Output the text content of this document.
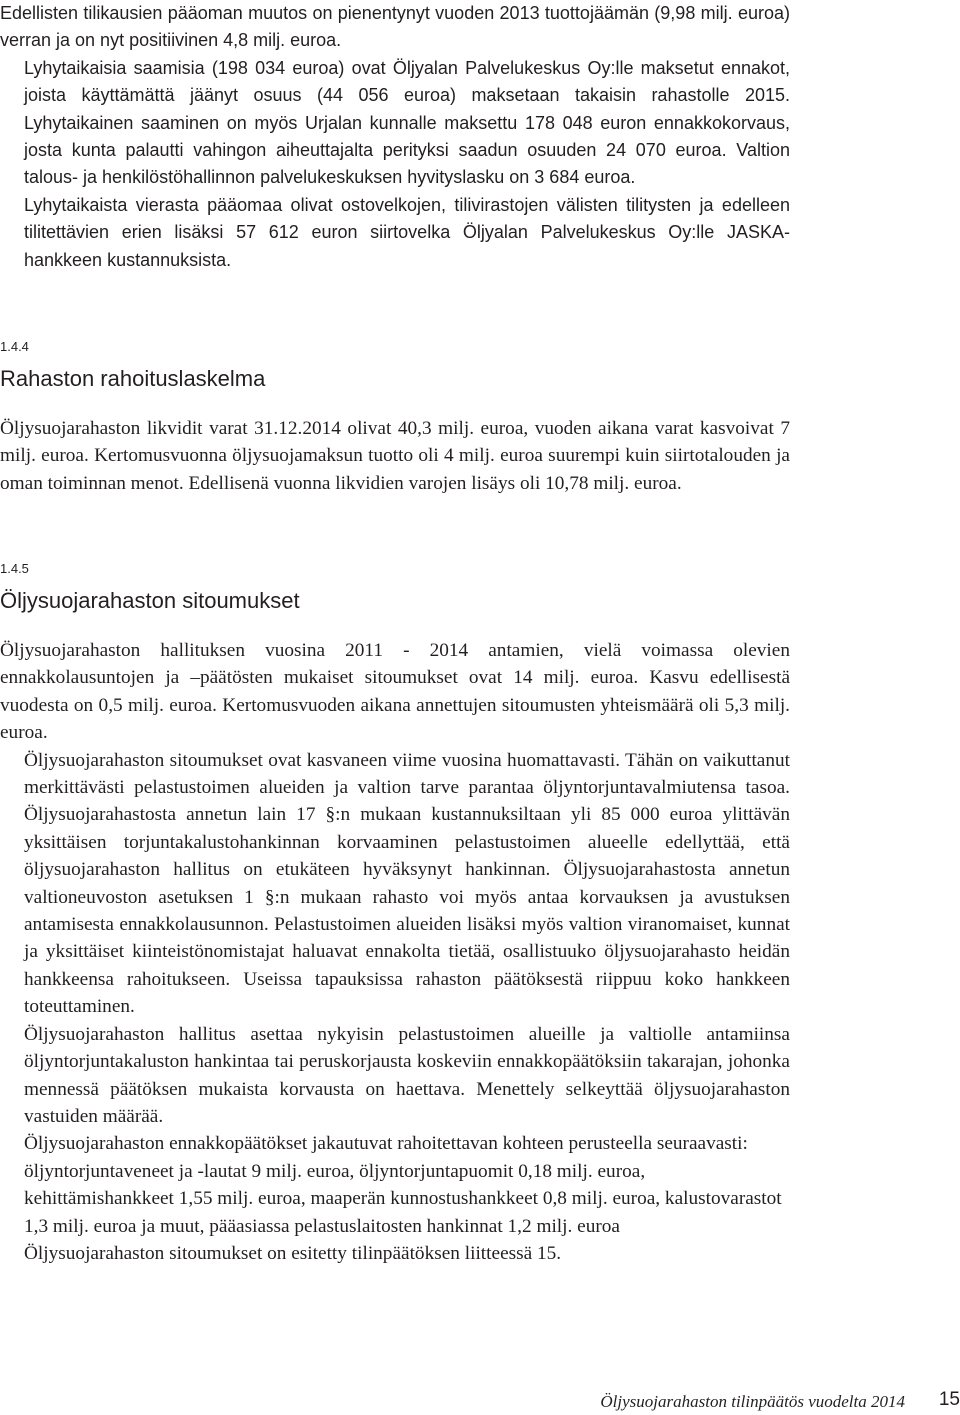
Edellisten tilikausien pääoman muutos on pienentynyt vuoden 2013 tuottojäämän (9,98 milj. euroa) verran ja on nyt positiivinen 4,8 milj. euroa.

Lyhytaikaisia saamisia (198 034 euroa) ovat Öljyalan Palvelukeskus Oy:lle maksetut ennakot, joista käyttämättä jäänyt osuus (44 056 euroa) maksetaan takaisin rahastolle 2015. Lyhytaikainen saaminen on myös Urjalan kunnalle maksettu 178 048 euron ennakkokorvaus, josta kunta palautti vahingon aiheuttajalta perityksi saadun osuuden 24 070 euroa. Valtion talous- ja henkilöstöhallinnon palvelukeskuksen hyvityslasku on 3 684 euroa.

Lyhytaikaista vierasta pääomaa olivat ostovelkojen, tilivirastojen välisten tilitysten ja edelleen tilitettävien erien lisäksi 57 612 euron siirtovelka Öljyalan Palvelukeskus Oy:lle JASKA- hankkeen kustannuksista.

1.4.4
Rahaston rahoituslaskelma

Öljysuojarahaston likvidit varat 31.12.2014 olivat 40,3 milj. euroa, vuoden aikana varat kasvoivat 7 milj. euroa. Kertomusvuonna öljysuojamaksun tuotto oli 4 milj. euroa suurempi kuin siirtotalouden ja oman toiminnan menot. Edellisenä vuonna likvidien varojen lisäys oli 10,78 milj. euroa.

1.4.5
Öljysuojarahaston sitoumukset

Öljysuojarahaston hallituksen vuosina 2011 - 2014 antamien, vielä voimassa olevien ennakkolausuntojen ja –päätösten mukaiset sitoumukset ovat 14 milj. euroa. Kasvu edellisestä vuodesta on 0,5 milj. euroa. Kertomusvuoden aikana annettujen sitoumusten yhteismäärä oli 5,3 milj. euroa.

Öljysuojarahaston sitoumukset ovat kasvaneen viime vuosina huomattavasti. Tähän on vaikuttanut merkittävästi pelastustoimen alueiden ja valtion tarve parantaa öljyntorjuntavalmiutensa tasoa. Öljysuojarahastosta annetun lain 17 §:n mukaan kustannuksiltaan yli 85 000 euroa ylittävän yksittäisen torjuntakalustohankinnan korvaaminen pelastustoimen alueelle edellyttää, että öljysuojarahaston hallitus on etukäteen hyväksynyt hankinnan. Öljysuojarahastosta annetun valtioneuvoston asetuksen 1 §:n mukaan rahasto voi myös antaa korvauksen ja avustuksen antamisesta ennakkolausunnon. Pelastustoimen alueiden lisäksi myös valtion viranomaiset, kunnat ja yksittäiset kiinteistönomistajat haluavat ennakolta tietää, osallistuuko öljysuojarahasto heidän hankkeensa rahoitukseen. Useissa tapauksissa rahaston päätöksestä riippuu koko hankkeen toteuttaminen.

Öljysuojarahaston hallitus asettaa nykyisin pelastustoimen alueille ja valtiolle antamiinsa öljyntorjuntakaluston hankintaa tai peruskorjausta koskeviin ennakkopäätöksiin takarajan, johonka mennessä päätöksen mukaista korvausta on haettava. Menettely selkeyttää öljysuojarahaston vastuiden määrää.

Öljysuojarahaston ennakkopäätökset jakautuvat rahoitettavan kohteen perusteella seuraavasti: öljyntorjuntaveneet ja -lautat 9 milj. euroa, öljyntorjuntapuomit 0,18 milj. euroa, kehittämishankkeet 1,55 milj. euroa, maaperän kunnostushankkeet 0,8 milj. euroa, kalustovarastot 1,3 milj. euroa ja muut, pääasiassa pelastuslaitosten hankinnat 1,2 milj. euroa

Öljysuojarahaston sitoumukset on esitetty tilinpäätöksen liitteessä 15.

Öljysuojarahaston tilinpäätös vuodelta 2014 15
